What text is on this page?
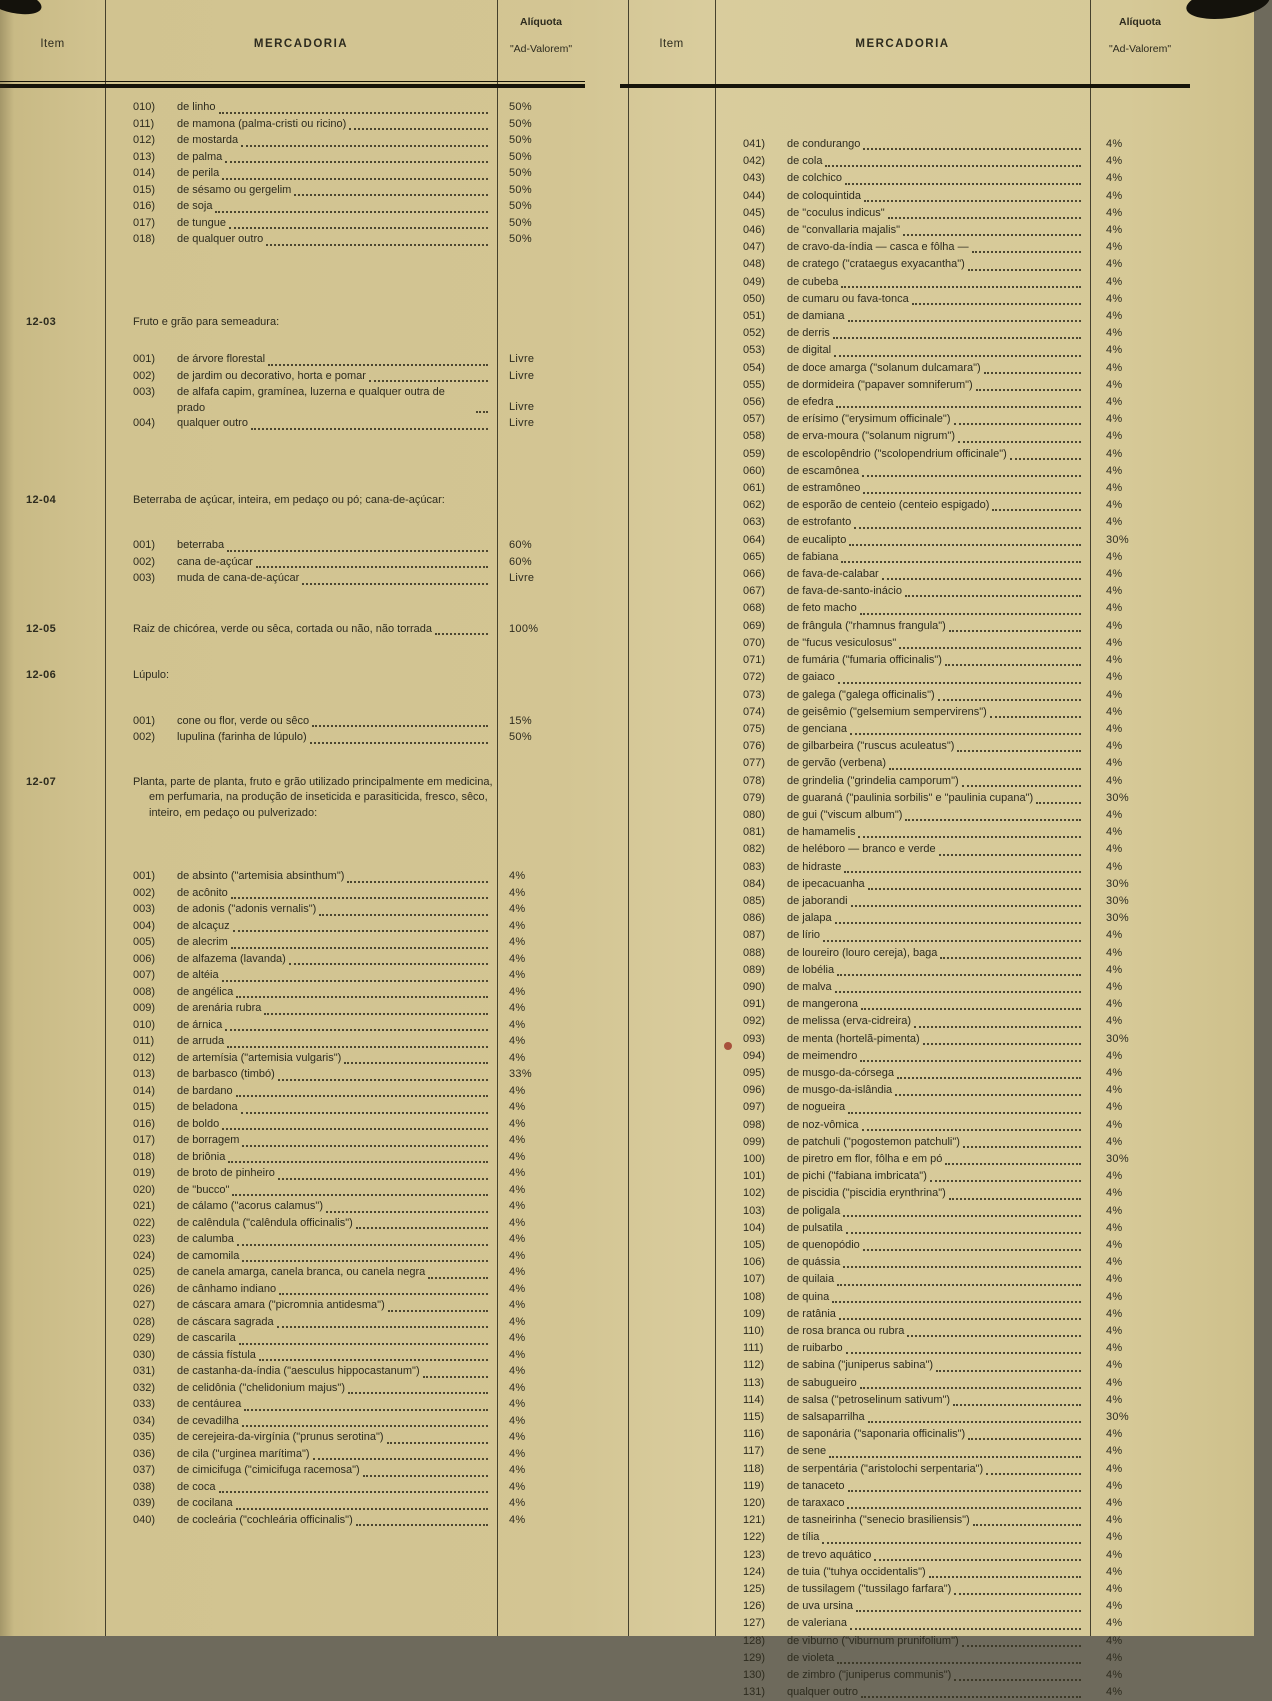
Item	MERCADORIA
Alíquota
"Ad-Valorem"
010)	de linho	50%
011)	de mamona (palma-cristi ou ricino)	50%
012)	de mostarda	50%
013)	de palma	50%
014)	de perila	50%
015)	de sésamo ou gergelim	50%
016)	de soja	50%
017)	de tungue	50%
018)	de qualquer outro	50%
12-03	Fruto e grão para semeadura:
001)	de árvore florestal	Livre
002)	de jardim ou decorativo, horta e pomar	Livre
003)	de alfafa capim, gramínea, luzerna e qualquer outra de prado	Livre
004)	qualquer outro	Livre
12-04	Beterraba de açúcar, inteira, em pedaço ou pó; cana-de-açúcar:
001)	beterraba	60%
002)	cana de-açúcar	60%
003)	muda de cana-de-açúcar	Livre
12-05	Raiz de chicórea, verde ou sêca, cortada ou não, não torrada	100%
12-06	Lúpulo:
001)	cone ou flor, verde ou sêco	15%
002)	lupulina (farinha de lúpulo)	50%
12-07	Planta, parte de planta, fruto e grão utilizado principalmente em medicina, em perfumaria, na produção de inseticida e parasiticida, fresco, sêco, inteiro, em pedaço ou pulverizado:
001)	de absinto ("artemisia absinthum")	4%
002)	de acônito	4%
003)	de adonis ("adonis vernalis")	4%
004)	de alcaçuz	4%
005)	de alecrim	4%
006)	de alfazema (lavanda)	4%
007)	de altéia	4%
008)	de angélica	4%
009)	de arenária rubra	4%
010)	de árnica	4%
011)	de arruda	4%
012)	de artemísia ("artemisia vulgaris")	4%
013)	de barbasco (timbó)	33%
014)	de bardano	4%
015)	de beladona	4%
016)	de boldo	4%
017)	de borragem	4%
018)	de briônia	4%
019)	de broto de pinheiro	4%
020)	de "bucco"	4%
021)	de cálamo ("acorus calamus")	4%
022)	de calêndula ("calêndula officinalis")	4%
023)	de calumba	4%
024)	de camomila	4%
025)	de canela amarga, canela branca, ou canela negra	4%
026)	de cânhamo indiano	4%
027)	de cáscara amara ("picromnia antidesma")	4%
028)	de cáscara sagrada	4%
029)	de cascarila	4%
030)	de cássia fístula	4%
031)	de castanha-da-índia ("aesculus hippocastanum")	4%
032)	de celidônia ("chelidonium majus")	4%
033)	de centáurea	4%
034)	de cevadilha	4%
035)	de cerejeira-da-virgínia ("prunus serotina")	4%
036)	de cila ("urginea marítima")	4%
037)	de cimicifuga ("cimicifuga racemosa")	4%
038)	de coca	4%
039)	de cocilana	4%
040)	de cocleária ("cochleária officinalis")	4%
Item	MERCADORIA
Alíquota
"Ad-Valorem"
041)	de condurango	4%
042)	de cola	4%
043)	de colchico	4%
044)	de coloquintida	4%
045)	de "coculus indicus"	4%
046)	de "convallaria majalis"	4%
047)	de cravo-da-índia — casca e fôlha —	4%
048)	de cratego ("crataegus exyacantha")	4%
049)	de cubeba	4%
050)	de cumaru ou fava-tonca	4%
051)	de damiana	4%
052)	de derris	4%
053)	de digital	4%
054)	de doce amarga ("solanum dulcamara")	4%
055)	de dormideira ("papaver somniferum")	4%
056)	de efedra	4%
057)	de erísimo ("erysimum officinale")	4%
058)	de erva-moura ("solanum nigrum")	4%
059)	de escolopêndrio ("scolopendrium officinale")	4%
060)	de escamônea	4%
061)	de estramôneo	4%
062)	de esporão de centeio (centeio espigado)	4%
063)	de estrofanto	4%
064)	de eucalipto	30%
065)	de fabiana	4%
066)	de fava-de-calabar	4%
067)	de fava-de-santo-inácio	4%
068)	de feto macho	4%
069)	de frângula ("rhamnus frangula")	4%
070)	de "fucus vesiculosus"	4%
071)	de fumária ("fumaria officinalis")	4%
072)	de gaiaco	4%
073)	de galega ("galega officinalis")	4%
074)	de geisêmio ("gelsemium sempervirens")	4%
075)	de genciana	4%
076)	de gilbarbeira ("ruscus aculeatus")	4%
077)	de gervão (verbena)	4%
078)	de grindelia ("grindelia camporum")	4%
079)	de guaraná ("paulinia sorbilis" e "paulinia cupana")	30%
080)	de gui ("viscum album")	4%
081)	de hamamelis	4%
082)	de heléboro — branco e verde	4%
083)	de hidraste	4%
084)	de ipecacuanha	30%
085)	de jaborandi	30%
086)	de jalapa	30%
087)	de lírio	4%
088)	de loureiro (louro cereja), baga	4%
089)	de lobélia	4%
090)	de malva	4%
091)	de mangerona	4%
092)	de melissa (erva-cidreira)	4%
093)	de menta (hortelã-pimenta)	30%
094)	de meimendro	4%
095)	de musgo-da-córsega	4%
096)	de musgo-da-islândia	4%
097)	de nogueira	4%
098)	de noz-vômica	4%
099)	de patchuli ("pogostemon patchuli")	4%
100)	de piretro em flor, fôlha e em pó	30%
101)	de pichi ("fabiana imbricata")	4%
102)	de piscidia ("piscidia erynthrina")	4%
103)	de poligala	4%
104)	de pulsatila	4%
105)	de quenopódio	4%
106)	de quássia	4%
107)	de quilaia	4%
108)	de quina	4%
109)	de ratânia	4%
110)	de rosa branca ou rubra	4%
111)	de ruibarbo	4%
112)	de sabina ("juniperus sabina")	4%
113)	de sabugueiro	4%
114)	de salsa ("petroselinum sativum")	4%
115)	de salsaparrilha	30%
116)	de saponária ("saponaria officinalis")	4%
117)	de sene	4%
118)	de serpentária ("aristolochi serpentaria")	4%
119)	de tanaceto	4%
120)	de taraxaco	4%
121)	de tasneirinha ("senecio brasiliensis")	4%
122)	de tília	4%
123)	de trevo aquático	4%
124)	de tuia ("tuhya occidentalis")	4%
125)	de tussilagem ("tussilago farfara")	4%
126)	de uva ursina	4%
127)	de valeriana	4%
128)	de viburno ("viburnum prunifolium")	4%
129)	de violeta	4%
130)	de zimbro ("juniperus communis")	4%
131)	qualquer outro	4%
